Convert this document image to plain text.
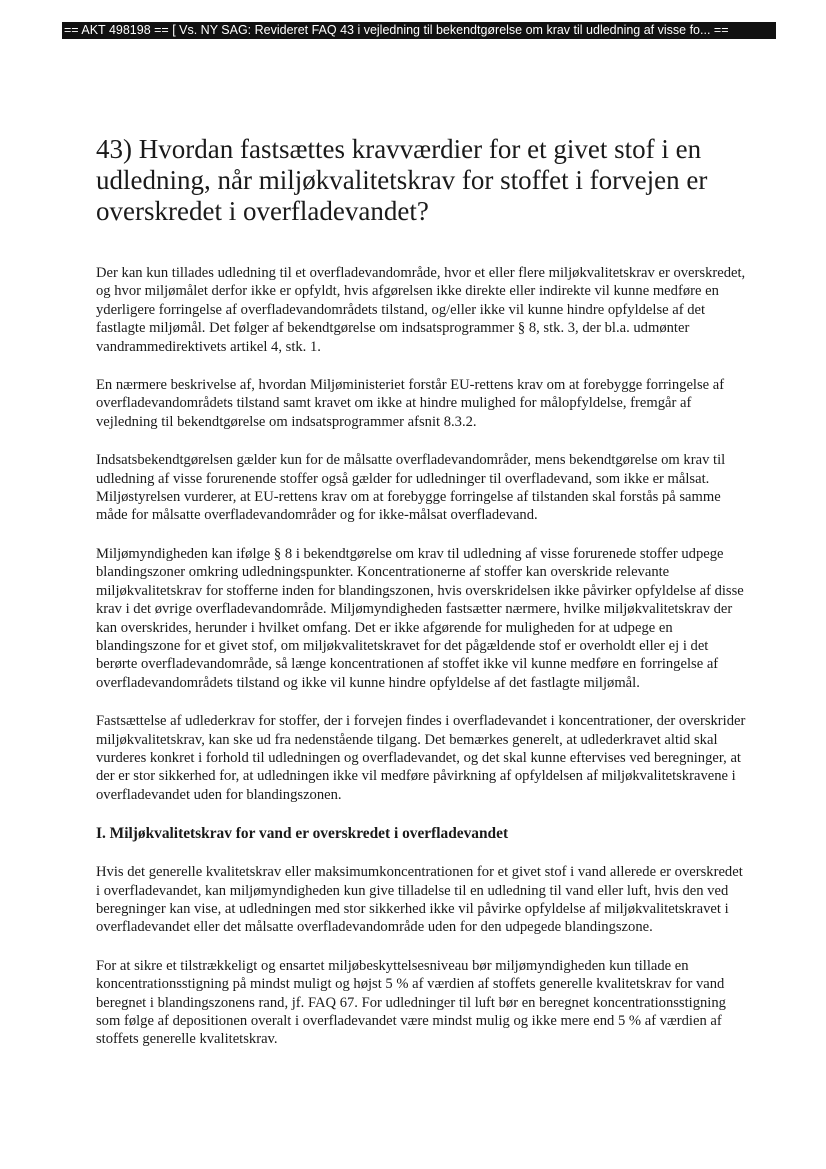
== AKT 498198 == [ Vs. NY SAG: Revideret FAQ 43 i vejledning til bekendtgørelse om krav til udledning af visse fo... ==
43) Hvordan fastsættes kravværdier for et givet stof i en udledning, når miljøkvalitetskrav for stoffet i forvejen er overskredet i overfladevandet?

Der kan kun tillades udledning til et overfladevandområde, hvor et eller flere miljøkvalitetskrav er overskredet, og hvor miljømålet derfor ikke er opfyldt, hvis afgørelsen ikke direkte eller indirekte vil kunne medføre en yderligere forringelse af overfladevandområdets tilstand, og/eller ikke vil kunne hindre opfyldelse af det fastlagte miljømål. Det følger af bekendtgørelse om indsatsprogrammer § 8, stk. 3, der bl.a. udmønter vandrammedirektivets artikel 4, stk. 1.

En nærmere beskrivelse af, hvordan Miljøministeriet forstår EU-rettens krav om at forebygge forringelse af overfladevandområdets tilstand samt kravet om ikke at hindre mulighed for målopfyldelse, fremgår af vejledning til bekendtgørelse om indsatsprogrammer afsnit 8.3.2.

Indsatsbekendtgørelsen gælder kun for de målsatte overfladevandområder, mens bekendtgørelse om krav til udledning af visse forurenende stoffer også gælder for udledninger til overfladevand, som ikke er målsat. Miljøstyrelsen vurderer, at EU-rettens krav om at forebygge forringelse af tilstanden skal forstås på samme måde for målsatte overfladevandområder og for ikke-målsat overfladevand.

Miljømyndigheden kan ifølge § 8 i bekendtgørelse om krav til udledning af visse forurenede stoffer udpege blandingszoner omkring udledningspunkter. Koncentrationerne af stoffer kan overskride relevante miljøkvalitetskrav for stofferne inden for blandingszonen, hvis overskridelsen ikke påvirker opfyldelse af disse krav i det øvrige overfladevandområde. Miljømyndigheden fastsætter nærmere, hvilke miljøkvalitetskrav der kan overskrides, herunder i hvilket omfang. Det er ikke afgørende for muligheden for at udpege en blandingszone for et givet stof, om miljøkvalitetskravet for det pågældende stof er overholdt eller ej i det berørte overfladevandområde, så længe koncentrationen af stoffet ikke vil kunne medføre en forringelse af overfladevandområdets tilstand og ikke vil kunne hindre opfyldelse af det fastlagte miljømål.

Fastsættelse af udlederkrav for stoffer, der i forvejen findes i overfladevandet i koncentrationer, der overskrider miljøkvalitetskrav, kan ske ud fra nedenstående tilgang. Det bemærkes generelt, at udlederkravet altid skal vurderes konkret i forhold til udledningen og overfladevandet, og det skal kunne eftervises ved beregninger, at der er stor sikkerhed for, at udledningen ikke vil medføre påvirkning af opfyldelsen af miljøkvalitetskravene i overfladevandet uden for blandingszonen.

I. Miljøkvalitetskrav for vand er overskredet i overfladevandet

Hvis det generelle kvalitetskrav eller maksimumkoncentrationen for et givet stof i vand allerede er overskredet i overfladevandet, kan miljømyndigheden kun give tilladelse til en udledning til vand eller luft, hvis den ved beregninger kan vise, at udledningen med stor sikkerhed ikke vil påvirke opfyldelse af miljøkvalitetskravet i overfladevandet eller det målsatte overfladevandområde uden for den udpegede blandingszone.

For at sikre et tilstrækkeligt og ensartet miljøbeskyttelsesniveau bør miljømyndigheden kun tillade en koncentrationsstigning på mindst muligt og højst 5 % af værdien af stoffets generelle kvalitetskrav for vand beregnet i blandingszonens rand, jf. FAQ 67. For udledninger til luft bør en beregnet koncentrationsstigning som følge af depositionen overalt i overfladevandet være mindst mulig og ikke mere end 5 % af værdien af stoffets generelle kvalitetskrav.
